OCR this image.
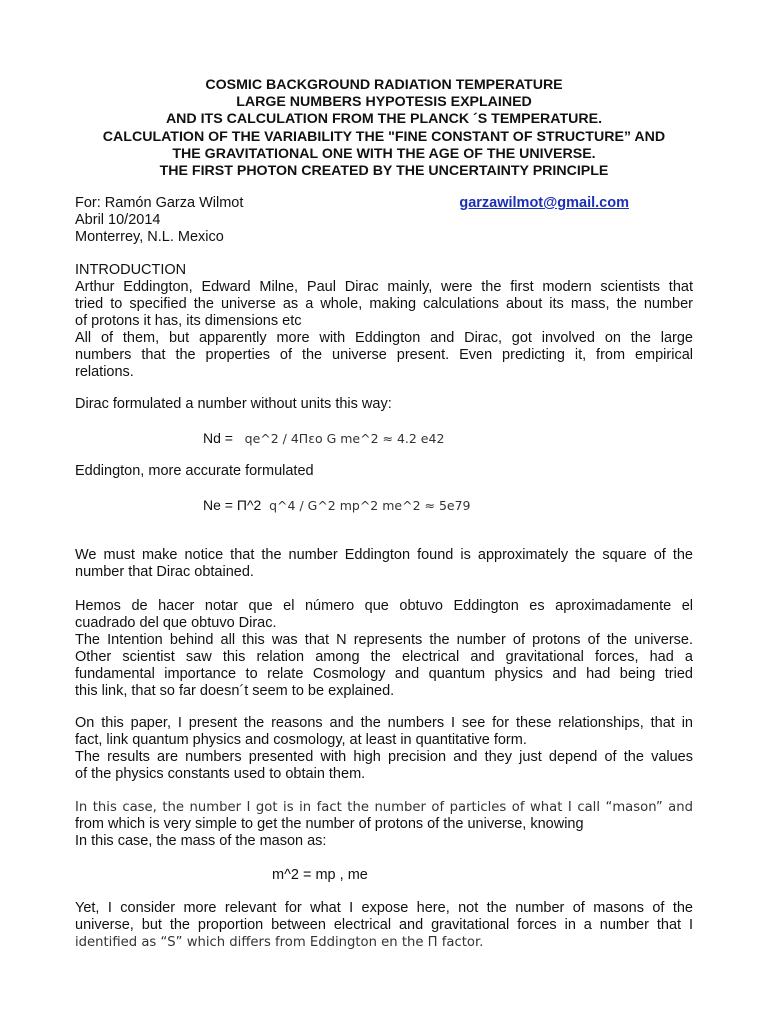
COSMIC BACKGROUND RADIATION TEMPERATURE
LARGE NUMBERS HYPOTESIS EXPLAINED
AND ITS CALCULATION FROM THE PLANCK ´S TEMPERATURE.
CALCULATION OF THE VARIABILITY THE "FINE CONSTANT OF STRUCTURE” AND
THE GRAVITATIONAL ONE WITH THE AGE OF THE UNIVERSE.
THE FIRST PHOTON CREATED BY THE UNCERTAINTY PRINCIPLE
For: Ramón Garza Wilmot	garzawilmot@gmail.com
Abril 10/2014
Monterrey, N.L. Mexico
INTRODUCTION
Arthur Eddington, Edward Milne, Paul Dirac mainly, were the first modern scientists that
tried to specified the universe as a whole, making calculations about its mass, the number
of protons it has, its dimensions etc
All of them, but apparently more with Eddington and Dirac, got involved on the large
numbers that the properties of the universe present. Even predicting it, from empirical
relations.
Dirac formulated a number without units this way:
Nd = qe^2 / 4Πεο G me^2 ≈ 4.2 e42
Eddington, more accurate formulated
Ne = Π^2 q^4 / G^2 mp^2 me^2 ≈ 5e79
We must make notice that the number Eddington found is approximately the square of the
number that Dirac obtained.
Hemos de hacer notar que el número que obtuvo Eddington es aproximadamente el
cuadrado del que obtuvo Dirac.
The Intention behind all this was that N represents the number of protons of the universe.
Other scientist saw this relation among the electrical and gravitational forces, had a
fundamental importance to relate Cosmology and quantum physics and had being tried
this link, that so far doesn´t seem to be explained.
On this paper, I present the reasons and the numbers I see for these relationships, that in
fact, link quantum physics and cosmology, at least in quantitative form.
The results are numbers presented with high precision and they just depend of the values
of the physics constants used to obtain them.
In this case, the number I got is in fact the number of particles of what I call “mason” and
from which is very simple to get the number of protons of the universe, knowing
In this case, the mass of the mason as:
m^2 = mp , me
Yet, I consider more relevant for what I expose here, not the number of masons of the
universe, but the proportion between electrical and gravitational forces in a number that I
identified as “S” which differs from Eddington en the Π factor.
